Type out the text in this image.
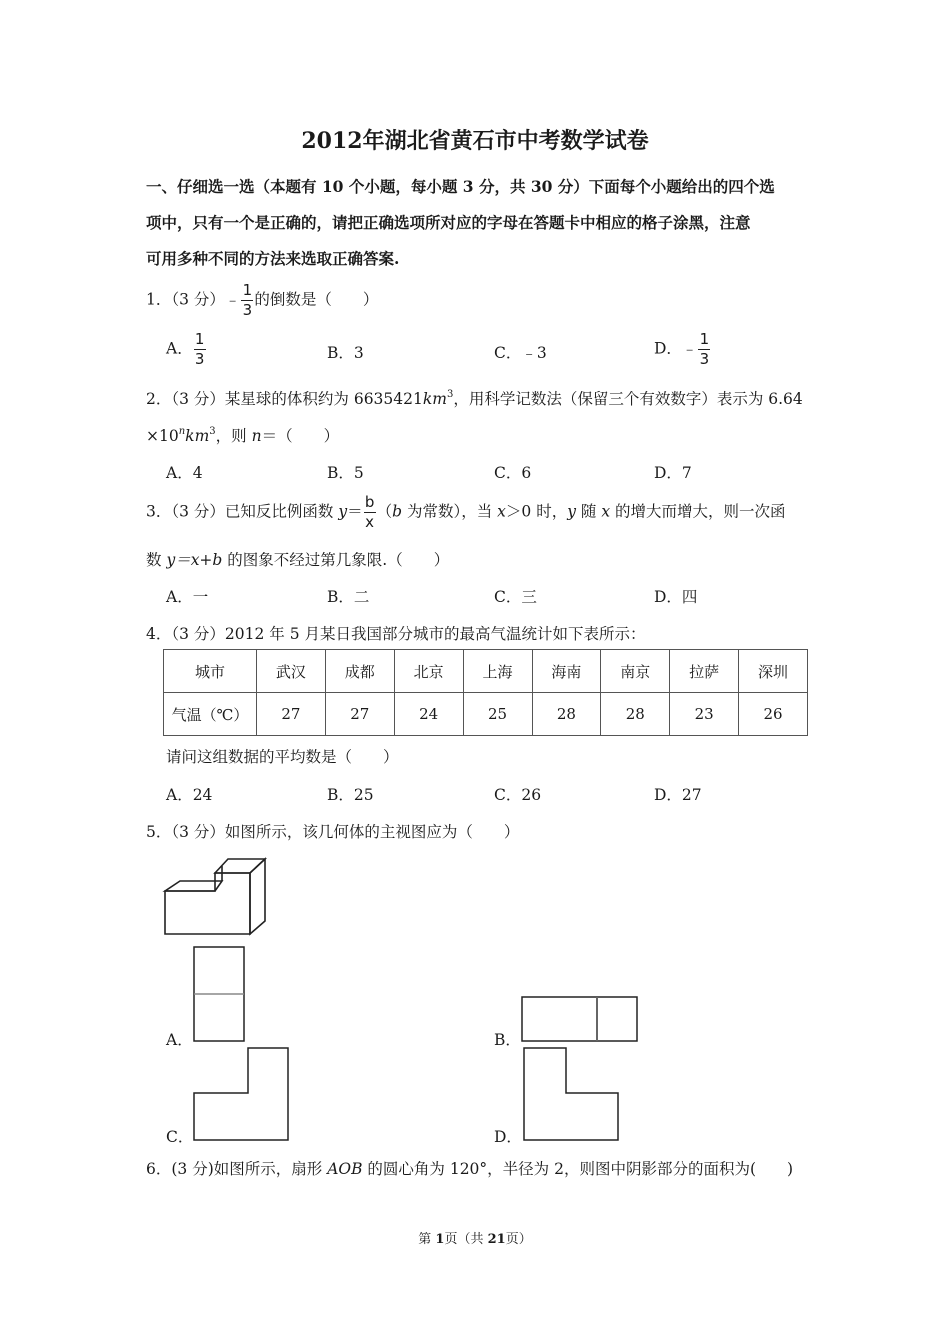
2012年湖北省黄石市中考数学试卷
一、仔细选一选（本题有 10 个小题，每小题 3 分，共 30 分）下面每个小题给出的四个选
项中，只有一个是正确的，请把正确选项所对应的字母在答题卡中相应的格子涂黑，注意
可用多种不同的方法来选取正确答案.
1．（3 分）﹣ $\frac{1}{3}$ 的倒数是（　　）
A． $\frac{1}{3}$	B．3	C．﹣3	D．﹣ $\frac{1}{3}$
2．（3 分）某星球的体积约为 $6635421km^3$，用科学记数法（保留三个有效数字）表示为 6.64
$\times 10^nkm^3$，则 n＝（　　）
A．4	B．5	C．6	D．7
3．（3 分）已知反比例函数 $y= \frac{b}{x} (b$ 为常数），当 x＞0 时，y 随 x 的增大而增大，则一次函
数 y＝x+b 的图象不经过第几象限.（　　）
A．一	B．二	C．三	D．四
4．（3 分）2012 年 5 月某日我国部分城市的最高气温统计如下表所示：
城市	武汉	成都	北京	上海	海南	南京	拉萨	深圳
气温（℃）	27	27	24	25	28	28	23	26
请问这组数据的平均数是（　　）
A．24	B．25	C．26	D．27
5．（3 分）如图所示，该几何体的主视图应为（　　）
A．	B．
C．	D．
6．(3 分)如图所示，扇形 AOB 的圆心角为 120°，半径为 2，则图中阴影部分的面积为(　　)
第 1页（共 21页）
